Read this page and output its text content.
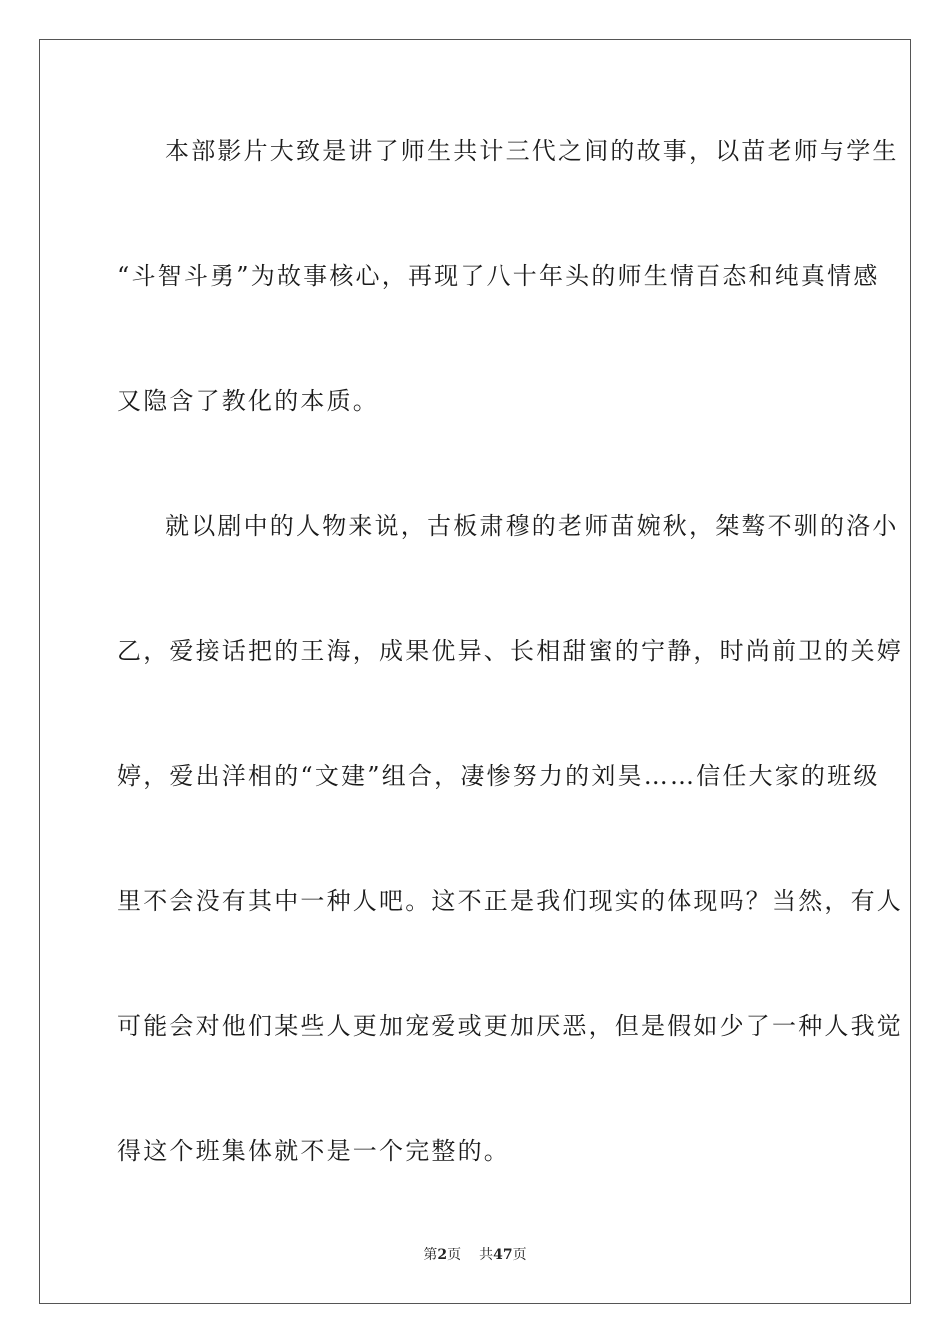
本部影片大致是讲了师生共计三代之间的故事，以苗老师与学生
“斗智斗勇”为故事核心，再现了八十年头的师生情百态和纯真情感
又隐含了教化的本质。
就以剧中的人物来说，古板肃穆的老师苗婉秋，桀骜不驯的洛小
乙，爱接话把的王海，成果优异、长相甜蜜的宁静，时尚前卫的关婷
婷，爱出洋相的“文建”组合，凄惨努力的刘昊……信任大家的班级
里不会没有其中一种人吧。这不正是我们现实的体现吗？当然，有人
可能会对他们某些人更加宠爱或更加厌恶，但是假如少了一种人我觉
得这个班集体就不是一个完整的。
第2页 共47页
